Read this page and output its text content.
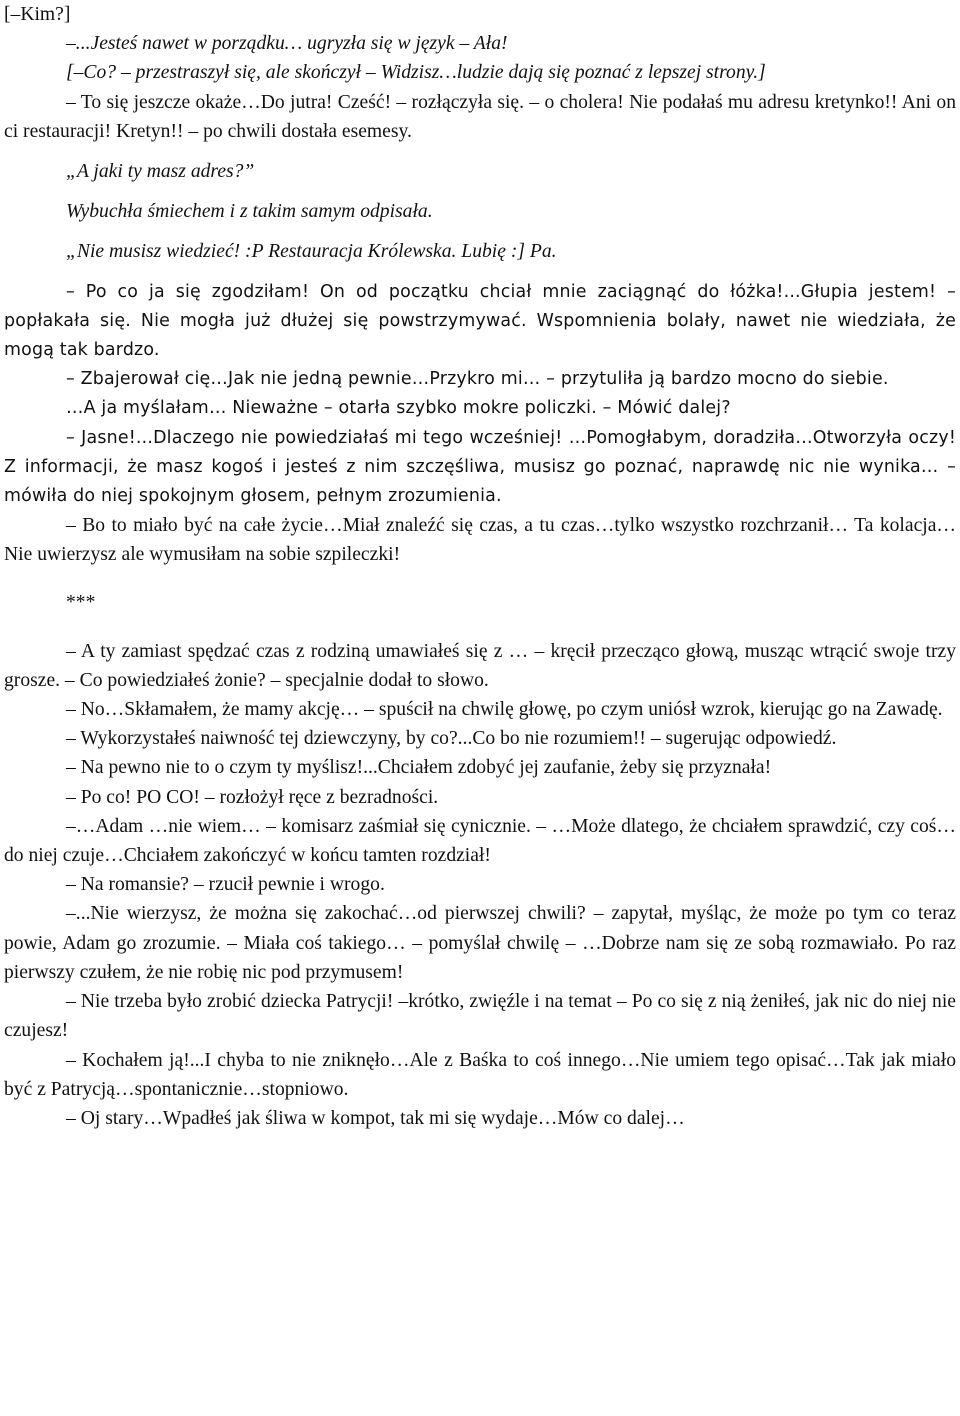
[–Kim?]

–...Jesteś nawet w porządku… ugryzła się w język – Ała!

[–Co? – przestraszył się, ale skończył – Widzisz…ludzie dają się poznać z lepszej strony.]

– To się jeszcze okaże…Do jutra! Cześć! – rozłączyła się. – o cholera! Nie podałaś mu adresu kretynko!! Ani on ci restauracji! Kretyn!! – po chwili dostała esemesy.

„A jaki ty masz adres?”

Wybuchła śmiechem i z takim samym odpisała.

„Nie musisz wiedzieć! :P Restauracja Królewska. Lubię :] Pa.

– Po co ja się zgodziłam! On od początku chciał mnie zaciągnąć do łóżka!...Głupia jestem! – popłakała się. Nie mogła już dłużej się powstrzymywać. Wspomnienia bolały, nawet nie wiedziała, że mogą tak bardzo.

– Zbajerował cię…Jak nie jedną pewnie…Przykro mi… – przytuliła ją bardzo mocno do siebie.

…A ja myślałam… Nieważne – otarła szybko mokre policzki. – Mówić dalej?

– Jasne!...Dlaczego nie powiedziałaś mi tego wcześniej! …Pomogłabym, doradziła…Otworzyła oczy! Z informacji, że masz kogoś i jesteś z nim szczęśliwa, musisz go poznać, naprawdę nic nie wynika… – mówiła do niej spokojnym głosem, pełnym zrozumienia.

– Bo to miało być na całe życie…Miał znaleźć się czas, a tu czas…tylko wszystko rozchrzanił… Ta kolacja…Nie uwierzysz ale wymusiłam na sobie szpileczki!

***

– A ty zamiast spędzać czas z rodziną umawiałeś się z … – kręcił przecząco głową, musząc wtrącić swoje trzy grosze. – Co powiedziałeś żonie? – specjalnie dodał to słowo.

– No…Skłamałem, że mamy akcję… – spuścił na chwilę głowę, po czym uniósł wzrok, kierując go na Zawadę.

– Wykorzystałeś naiwność tej dziewczyny, by co?...Co bo nie rozumiem!! – sugerując odpowiedź.

– Na pewno nie to o czym ty myślisz!...Chciałem zdobyć jej zaufanie, żeby się przyznała!

– Po co! PO CO! – rozłożył ręce z bezradności.

–…Adam …nie wiem… – komisarz zaśmiał się cynicznie. – …Może dlatego, że chciałem sprawdzić, czy coś…do niej czuje…Chciałem zakończyć w końcu tamten rozdział!

– Na romansie? – rzucił pewnie i wrogo.

–...Nie wierzysz, że można się zakochać…od pierwszej chwili? – zapytał, myśląc, że może po tym co teraz powie, Adam go zrozumie. – Miała coś takiego… – pomyślał chwilę – …Dobrze nam się ze sobą rozmawiało. Po raz pierwszy czułem, że nie robię nic pod przymusem!

– Nie trzeba było zrobić dziecka Patrycji! –krótko, zwięźle i na temat – Po co się z nią żeniłeś, jak nic do niej nie czujesz!

– Kochałem ją!...I chyba to nie zniknęło…Ale z Baśka to coś innego…Nie umiem tego opisać…Tak jak miało być z Patrycją…spontanicznie…stopniowo.

– Oj stary…Wpadłeś jak śliwa w kompot, tak mi się wydaje…Mów co dalej…
